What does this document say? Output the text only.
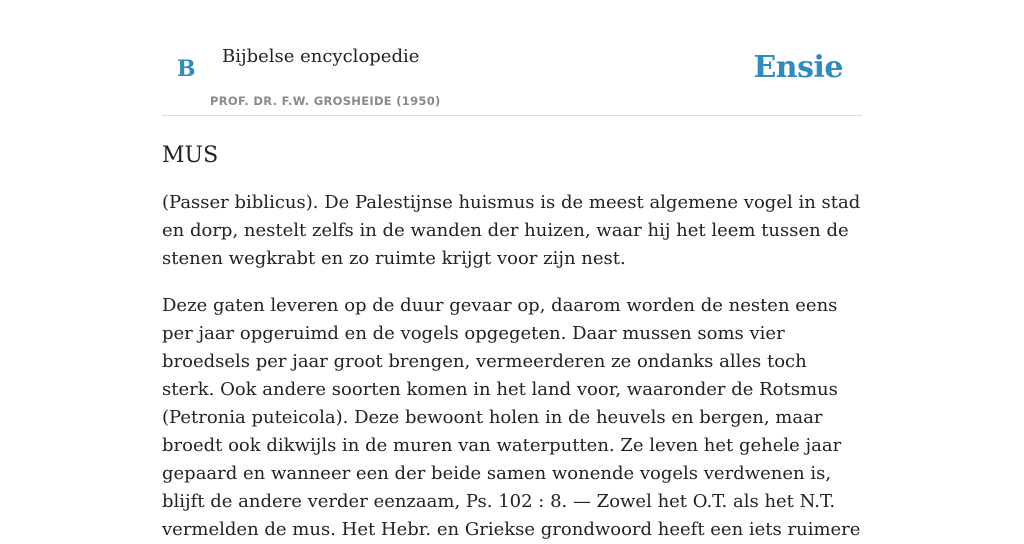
B Bijbelse encyclopedie
PROF. DR. F.W. GROSHEIDE (1950)
Ensie
MUS

(Passer biblicus). De Palestijnse huismus is de meest algemene vogel in stad en dorp, nestelt zelfs in de wanden der huizen, waar hij het leem tussen de stenen wegkrabt en zo ruimte krijgt voor zijn nest.

Deze gaten leveren op de duur gevaar op, daarom worden de nesten eens per jaar opgeruimd en de vogels opgegeten. Daar mussen soms vier broedsels per jaar groot brengen, vermeerderen ze ondanks alles toch sterk. Ook andere soorten komen in het land voor, waaronder de Rotsmus (Petronia puteicola). Deze bewoont holen in de heuvels en bergen, maar broedt ook dikwijls in de muren van waterputten. Ze leven het gehele jaar gepaard en wanneer een der beide samen wonende vogels verdwenen is, blijft de andere verder eenzaam, Ps. 102 : 8. — Zowel het O.T. als het N.T. vermelden de mus. Het Hebr. en Griekse grondwoord heeft een iets ruimere
